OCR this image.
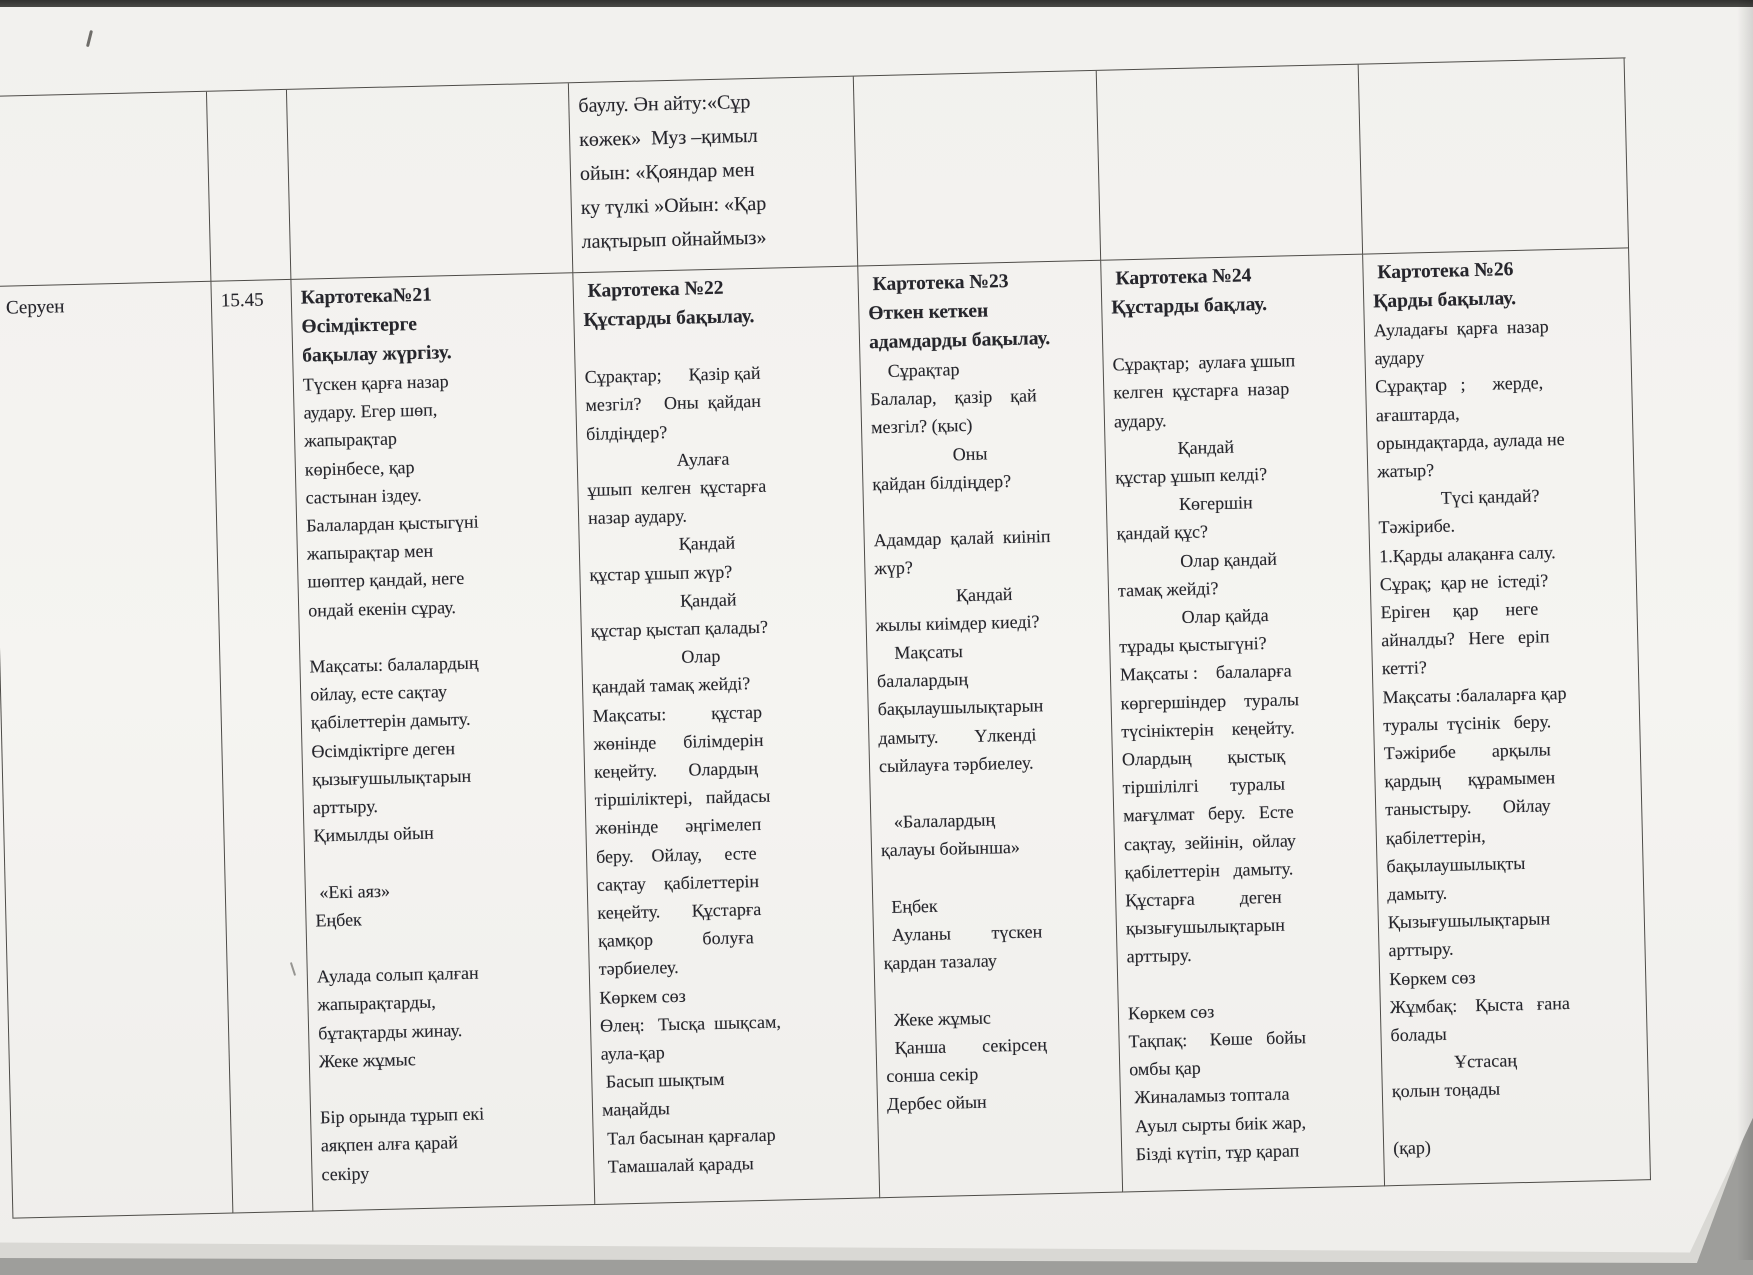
баулу. Ән айту:«Сұр
көжек»  Муз –қимыл
ойын: «Қояндар мен
ку түлкі »Ойын: «Қар
лақтырып ойнаймыз»
Серуен	15.45	Картотека№21
Өсімдіктерге
бақылау жүргізу.
Түскен қарға назар
аудару. Егер шөп,
жапырақтар
көрінбесе, қар
састынан іздеу.
Балалардан қыстыгүні
жапырақтар мен
шөптер қандай, неге
ондай екенін сұрау.

Мақсаты: балалардың
ойлау, есте сақтау
қабілеттерін дамыту.
Өсімдіктірге деген
қызығушылықтарын
арттыру.
Қимылды ойын

«Екі аяз»
Еңбек

Аулада солып қалған
жапырақтарды,
бұтақтарды жинау.
Жеке жұмыс

Бір орында тұрып екі
аяқпен алға қарай
секіру
Картотека №22
Құстарды бақылау.

Сұрақтар;      Қазір қай
мезгіл?     Оны  қайдан
білдіңдер?
Аулаға
ұшып  келген  құстарға
назар аудару.
Қандай
құстар ұшып жүр?
Қандай
құстар қыстап қалады?
Олар
қандай тамақ жейді?
Мақсаты:          құстар
жөнінде      білімдерін
кеңейту.       Олардың
тіршіліктері,   пайдасы
жөнінде      әңгімелеп
беру.    Ойлау,     есте
сақтау    қабілеттерін
кеңейту.       Құстарға
қамқор           болуға
тәрбиелеу.
Көркем сөз
Өлең:   Тысқа  шықсам,
аула-қар
Басып шықтым
маңайды
Тал басынан қарғалар
Тамашалай қарады
Картотека №23
Өткен кеткен
адамдарды бақылау.
Сұрақтар
Балалар,    қазір    қай
мезгіл? (қыс)
Оны
қайдан білдіңдер?

Адамдар  қалай  киініп
жүр?
Қандай
жылы киімдер киеді?
Мақсаты
балалардың
бақылаушылықтарын
дамыту.        Үлкенді
сыйлауға тәрбиелеу.

«Балалардың
қалауы бойынша»

Еңбек
Ауланы         түскен
қардан тазалау

Жеке жұмыс
Қанша        секірсең
сонша секір
Дербес ойын
Картотека №24
Құстарды бақлау.

Сұрақтар;  аулаға ұшып
келген  құстарға  назар
аудару.
Қандай
құстар ұшып келді?
Көгершін
қандай құс?
Олар қандай
тамақ жейді?
Олар қайда
тұрады қыстыгүні?
Мақсаты :    балаларға
көргершіндер    туралы
түсініктерін    кеңейту.
Олардың        қыстық
тіршілілгі       туралы
мағұлмат   беру.   Есте
сақтау,  зейінін,  ойлау
қабілеттерін   дамыту.
Құстарға          деген
қызығушылықтарын
арттыру.

Көркем сөз
Тақпақ:     Көше   бойы
омбы қар
Жиналамыз топтала
Ауыл сырты биік жар,
Бізді күтіп, тұр қарап
Картотека №26
Қарды бақылау.
Ауладағы  қарға  назар
аудару
Сұрақтар   ;      жерде,
ағаштарда,
орындақтарда, аулада не
жатыр?
Түсі қандай?
Тәжірибе.
1.Қарды алақанға салу.
Сұрақ;  қар не  істеді?
Еріген     қар      неге
айналды?   Неге   еріп
кетті?
Мақсаты :балаларға қар
туралы  түсінік   беру.
Тәжірибе        арқылы
қардың      құрамымен
таныстыру.       Ойлау
қабілеттерін,
бақылаушылықты
дамыту.
Қызығушылықтарын
арттыру.
Көркем сөз
Жұмбақ:    Қыста   ғана
болады
Ұстасаң
қолын тоңады

(қар)
